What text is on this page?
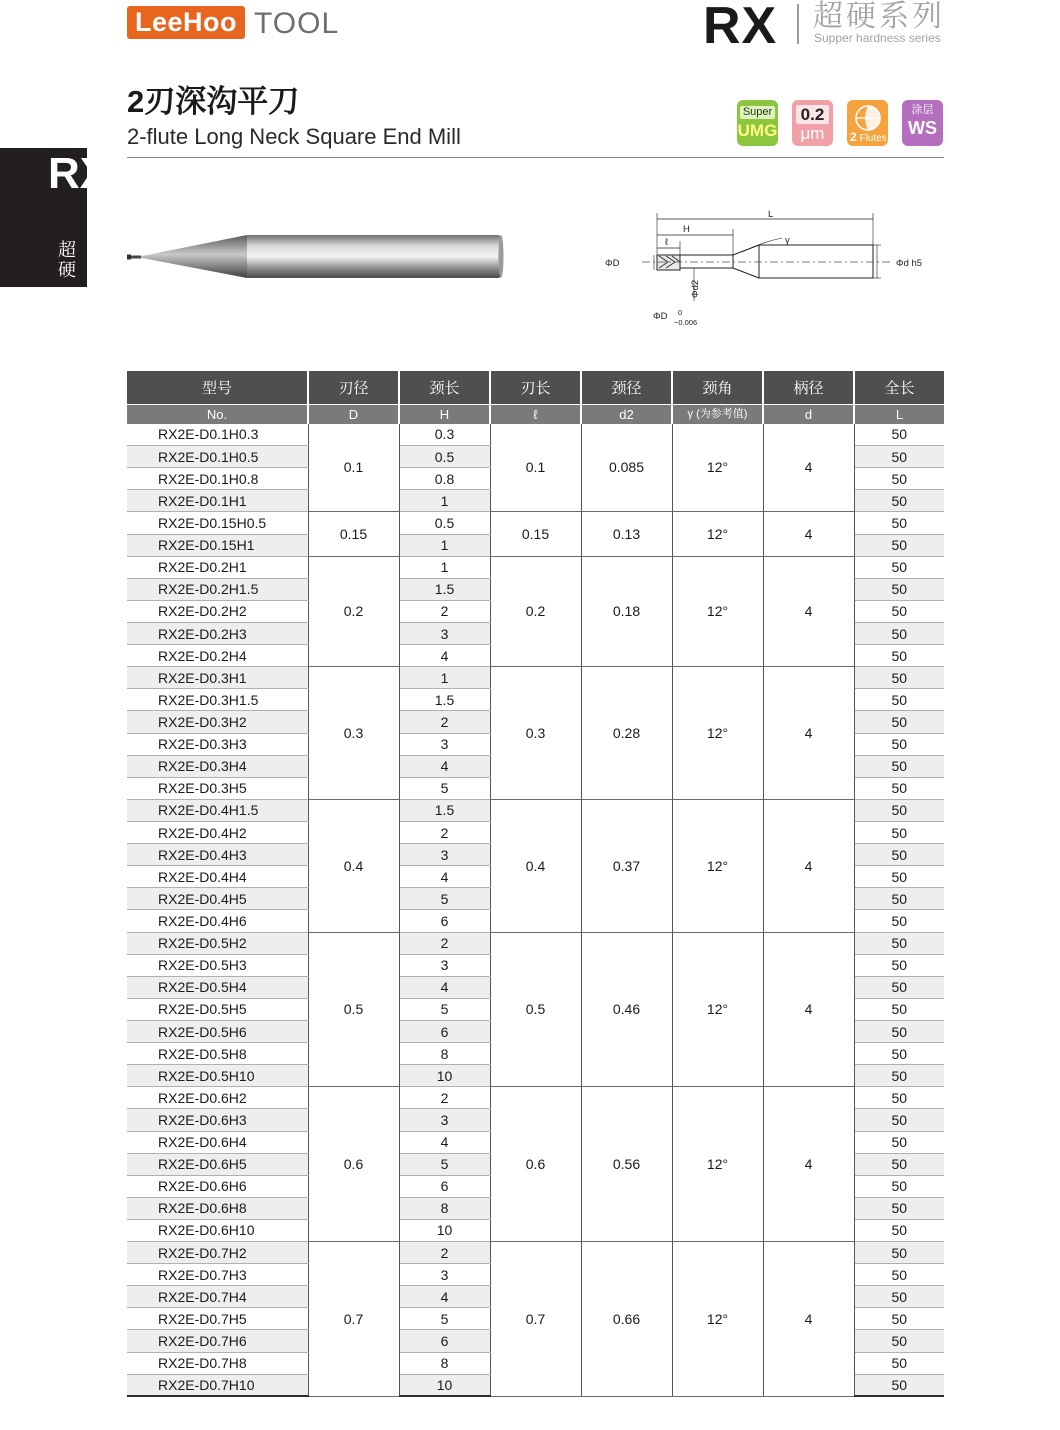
LeeHoo TOOL	RX 超硬系列
Supper hardness series
2刃深沟平刀
2-flute Long Neck Square End Mill
Super
UMG
0.2
μm	2 Flutes
涂层
WS
RX
超硬
L
H
ℓ	γ
ΦD	Φd h5
Φd2
ΦD 0
−0.006
型号	刃径	颈长	刃长	颈径	颈角	柄径	全长
No.	D	H	ℓ	d2	γ (为参考值)	d	L
RX2E-D0.1H0.3	0.1	0.3	0.1	0.085	12°	4	50
RX2E-D0.1H0.5		0.5					50
RX2E-D0.1H0.8		0.8					50
RX2E-D0.1H1		1					50
RX2E-D0.15H0.5	0.15	0.5	0.15	0.13	12°	4	50
RX2E-D0.15H1		1					50
RX2E-D0.2H1	0.2	1	0.2	0.18	12°	4	50
RX2E-D0.2H1.5		1.5					50
RX2E-D0.2H2		2					50
RX2E-D0.2H3		3					50
RX2E-D0.2H4		4					50
RX2E-D0.3H1	0.3	1	0.3	0.28	12°	4	50
RX2E-D0.3H1.5		1.5					50
RX2E-D0.3H2		2					50
RX2E-D0.3H3		3					50
RX2E-D0.3H4		4					50
RX2E-D0.3H5		5					50
RX2E-D0.4H1.5	0.4	1.5	0.4	0.37	12°	4	50
RX2E-D0.4H2		2					50
RX2E-D0.4H3		3					50
RX2E-D0.4H4		4					50
RX2E-D0.4H5		5					50
RX2E-D0.4H6		6					50
RX2E-D0.5H2	0.5	2	0.5	0.46	12°	4	50
RX2E-D0.5H3		3					50
RX2E-D0.5H4		4					50
RX2E-D0.5H5		5					50
RX2E-D0.5H6		6					50
RX2E-D0.5H8		8					50
RX2E-D0.5H10		10					50
RX2E-D0.6H2	0.6	2	0.6	0.56	12°	4	50
RX2E-D0.6H3		3					50
RX2E-D0.6H4		4					50
RX2E-D0.6H5		5					50
RX2E-D0.6H6		6					50
RX2E-D0.6H8		8					50
RX2E-D0.6H10		10					50
RX2E-D0.7H2	0.7	2	0.7	0.66	12°	4	50
RX2E-D0.7H3		3					50
RX2E-D0.7H4		4					50
RX2E-D0.7H5		5					50
RX2E-D0.7H6		6					50
RX2E-D0.7H8		8					50
RX2E-D0.7H10		10					50
